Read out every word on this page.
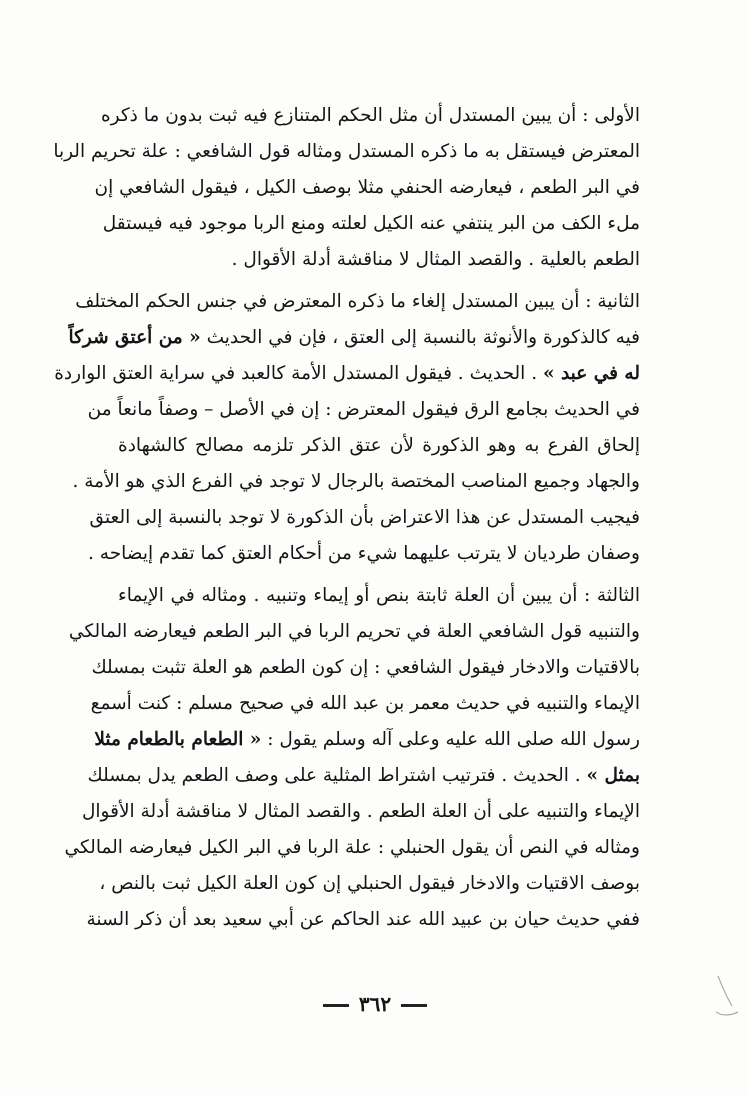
الأولى : أن يبين المستدل أن مثل الحكم المتنازع فيه ثبت بدون ما ذكره
المعترض فيستقل به ما ذكره المستدل ومثاله قول الشافعي : علة تحريم الربا
في البر الطعم ، فيعارضه الحنفي مثلا بوصف الكيل ، فيقول الشافعي إن
ملء الكف من البر ينتفي عنه الكيل لعلته ومنع الربا موجود فيه فيستقل
الطعم بالعلية . والقصد المثال لا مناقشة أدلة الأقوال .
الثانية : أن يبين المستدل إلغاء ما ذكره المعترض في جنس الحكم المختلف
فيه كالذكورة والأنوثة بالنسبة إلى العتق ، فإن في الحديث « من أعتق شركاً
له في عبد » . الحديث . فيقول المستدل الأمة كالعبد في سراية العتق الواردة
في الحديث بجامع الرق فيقول المعترض : إن في الأصل – وصفاً مانعاً من
إلحاق الفرع به وهو الذكورة لأن عتق الذكر تلزمه مصالح كالشهادة
والجهاد وجميع المناصب المختصة بالرجال لا توجد في الفرع الذي هو الأمة .
فيجيب المستدل عن هذا الاعتراض بأن الذكورة لا توجد بالنسبة إلى العتق
وصفان طرديان لا يترتب عليهما شيء من أحكام العتق كما تقدم إيضاحه .
الثالثة : أن يبين أن العلة ثابتة بنص أو إيماء وتنبيه . ومثاله في الإيماء
والتنبيه قول الشافعي العلة في تحريم الربا في البر الطعم فيعارضه المالكي
بالاقتيات والادخار فيقول الشافعي : إن كون الطعم هو العلة تثبت بمسلك
الإيماء والتنبيه في حديث معمر بن عبد الله في صحيح مسلم : كنت أسمع
رسول الله صلى الله عليه وعلى آله وسلم يقول : « الطعام بالطعام مثلا
بمثل » . الحديث . فترتيب اشتراط المثلية على وصف الطعم يدل بمسلك
الإيماء والتنبيه على أن العلة الطعم . والقصد المثال لا مناقشة أدلة الأقوال
ومثاله في النص أن يقول الحنبلي : علة الربا في البر الكيل فيعارضه المالكي
بوصف الاقتيات والادخار فيقول الحنبلي إن كون العلة الكيل ثبت بالنص ،
ففي حديث حيان بن عبيد الله عند الحاكم عن أبي سعيد بعد أن ذكر السنة
٣٦٢
